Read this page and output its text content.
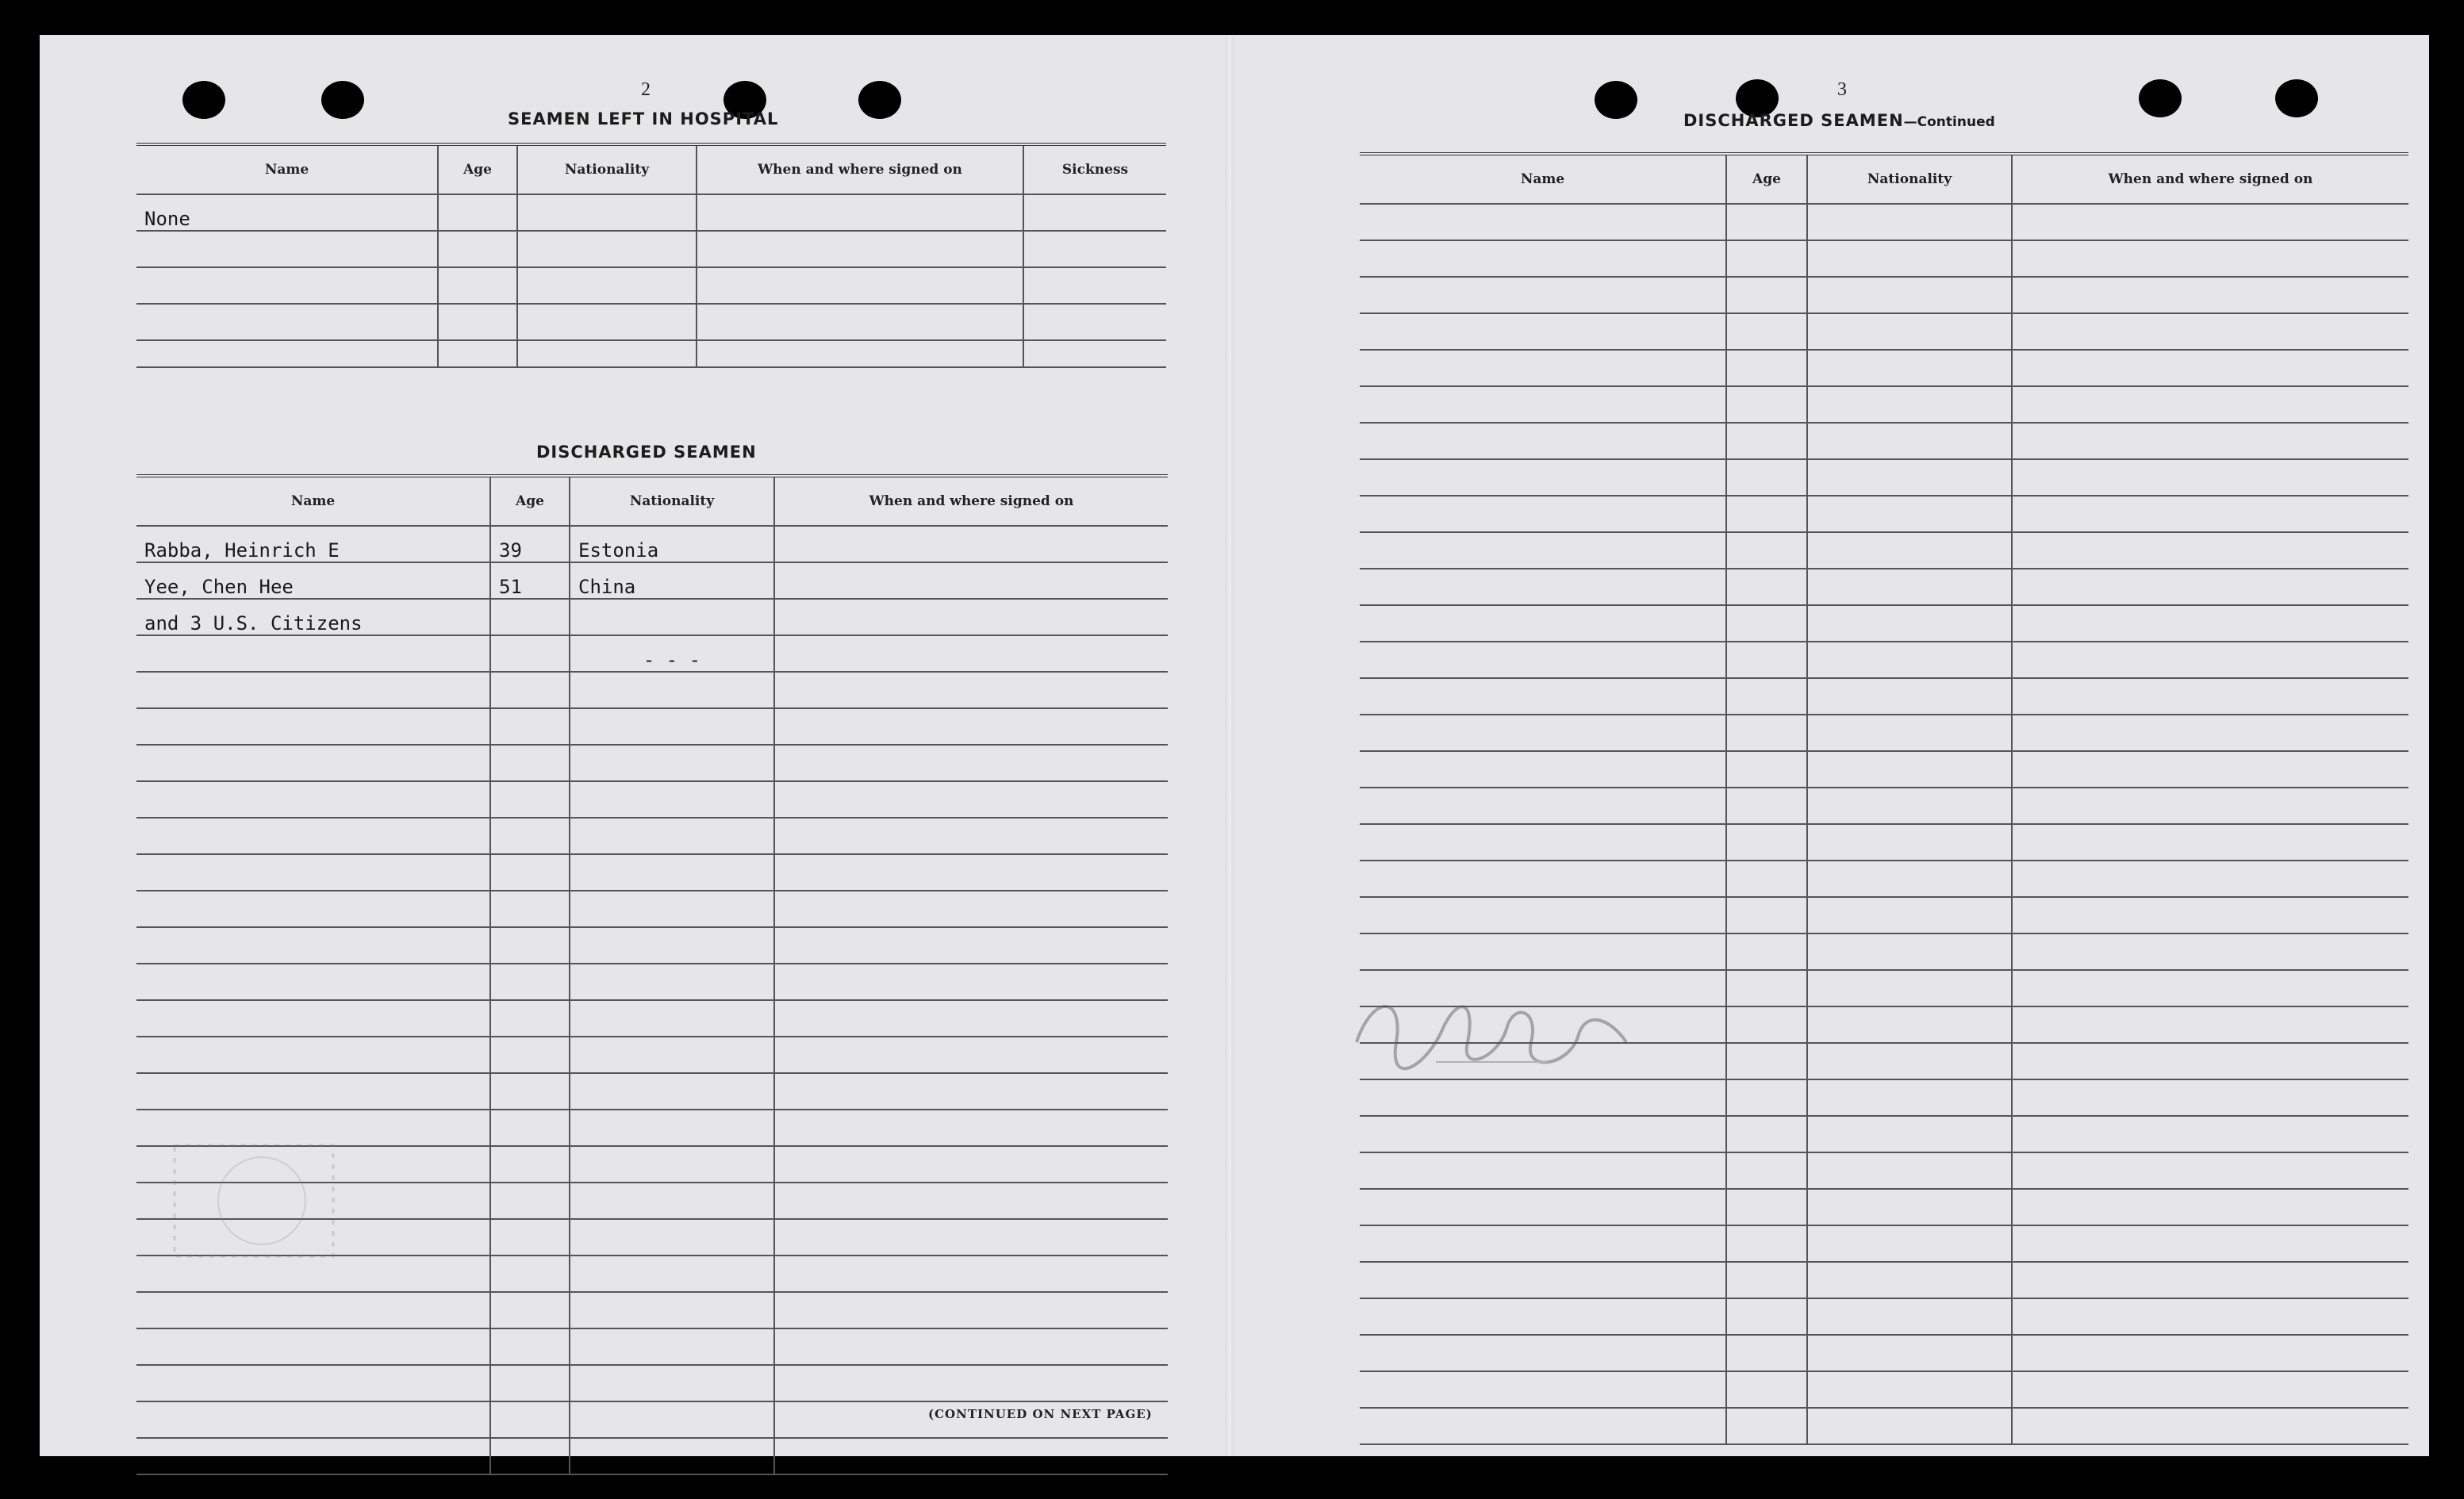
2
SEAMEN LEFT IN HOSPITAL
Name	Age	Nationality	When and where signed on	Sickness
None				

DISCHARGED SEAMEN
Name	Age	Nationality	When and where signed on
Rabba, Heinrich E	39	Estonia	
Yee, Chen Hee	51	China	
and 3 U.S. Citizens			
		- - -	

(CONTINUED ON NEXT PAGE)
3
DISCHARGED SEAMEN—Continued
Name	Age	Nationality	When and where signed on
